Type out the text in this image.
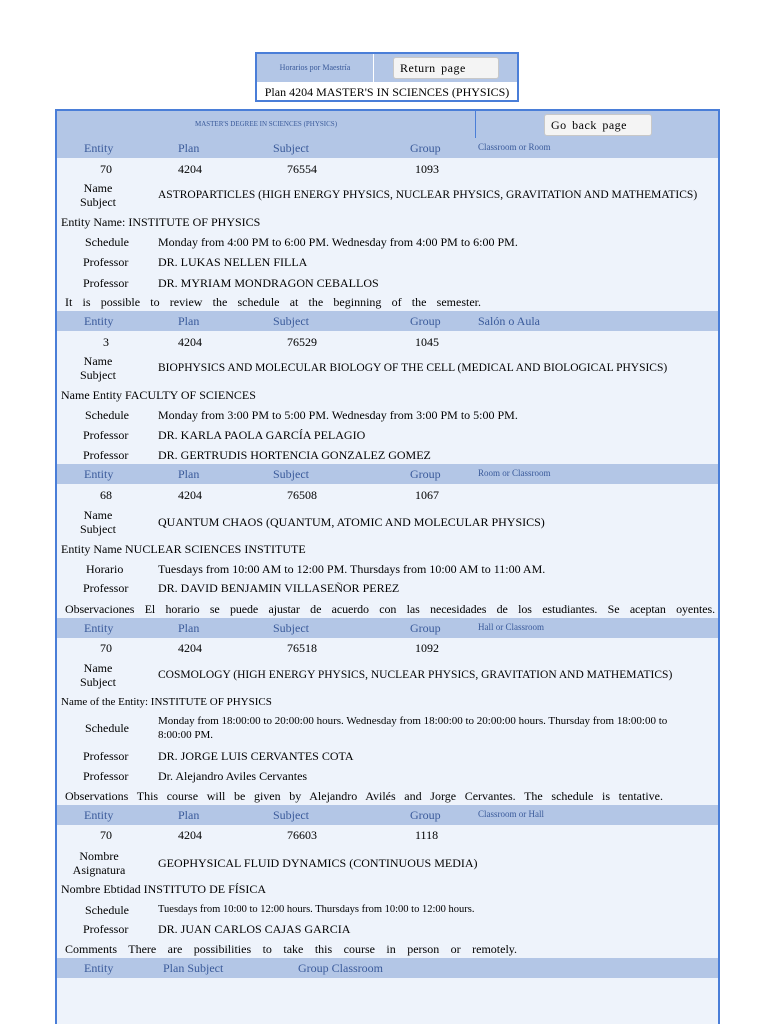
Horarios por Maestría	Return page
Plan 4204 MASTER'S IN SCIENCES (PHYSICS)
MASTER'S DEGREE IN SCIENCES (PHYSICS)	Go back page
Entity	Plan	Subject	Group	Classroom or Room
70	4204	76554	1093
Name Subject	ASTROPARTICLES (HIGH ENERGY PHYSICS, NUCLEAR PHYSICS, GRAVITATION AND MATHEMATICS)
Entity Name: INSTITUTE OF PHYSICS
Schedule Monday from 4:00 PM to 6:00 PM. Wednesday from 4:00 PM to 6:00 PM.
Professor DR. LUKAS NELLEN FILLA
Professor DR. MYRIAM MONDRAGON CEBALLOS
It is possible to review the schedule at the beginning of the semester.
Entity	Plan	Subject	Group	Salón o Aula
3	4204	76529	1045
Name Subject	BIOPHYSICS AND MOLECULAR BIOLOGY OF THE CELL (MEDICAL AND BIOLOGICAL PHYSICS)
Name Entity FACULTY OF SCIENCES
Schedule Monday from 3:00 PM to 5:00 PM. Wednesday from 3:00 PM to 5:00 PM.
Professor DR. KARLA PAOLA GARCÍA PELAGIO
Professor DR. GERTRUDIS HORTENCIA GONZALEZ GOMEZ
Entity	Plan	Subject	Group	Room or Classroom
68	4204	76508	1067
Name Subject	QUANTUM CHAOS (QUANTUM, ATOMIC AND MOLECULAR PHYSICS)
Entity Name NUCLEAR SCIENCES INSTITUTE
Horario	Tuesdays from 10:00 AM to 12:00 PM. Thursdays from 10:00 AM to 11:00 AM.
Professor DR. DAVID BENJAMIN VILLASEÑOR PEREZ
Observaciones El horario se puede ajustar de acuerdo con las necesidades de los estudiantes. Se aceptan oyentes.
Entity	Plan	Subject	Group	Hall or Classroom
70	4204	76518	1092
Name Subject	COSMOLOGY (HIGH ENERGY PHYSICS, NUCLEAR PHYSICS, GRAVITATION AND MATHEMATICS)
Name of the Entity: INSTITUTE OF PHYSICS
Schedule	Monday from 18:00:00 to 20:00:00 hours. Wednesday from 18:00:00 to 20:00:00 hours. Thursday from 18:00:00 to 8:00:00 PM.
Professor DR. JORGE LUIS CERVANTES COTA
Professor Dr. Alejandro Aviles Cervantes
Observations This course will be given by Alejandro Avilés and Jorge Cervantes. The schedule is tentative.
Entity	Plan	Subject	Group	Classroom or Hall
70	4204	76603	1118
Nombre Asignatura	GEOPHYSICAL FLUID DYNAMICS (CONTINUOUS MEDIA)
Nombre Ebtidad INSTITUTO DE FÍSICA
Schedule	Tuesdays from 10:00 to 12:00 hours. Thursdays from 10:00 to 12:00 hours.
Professor DR. JUAN CARLOS CAJAS GARCIA
Comments There are possibilities to take this course in person or remotely.
Entity	Plan Subject	Group Classroom
